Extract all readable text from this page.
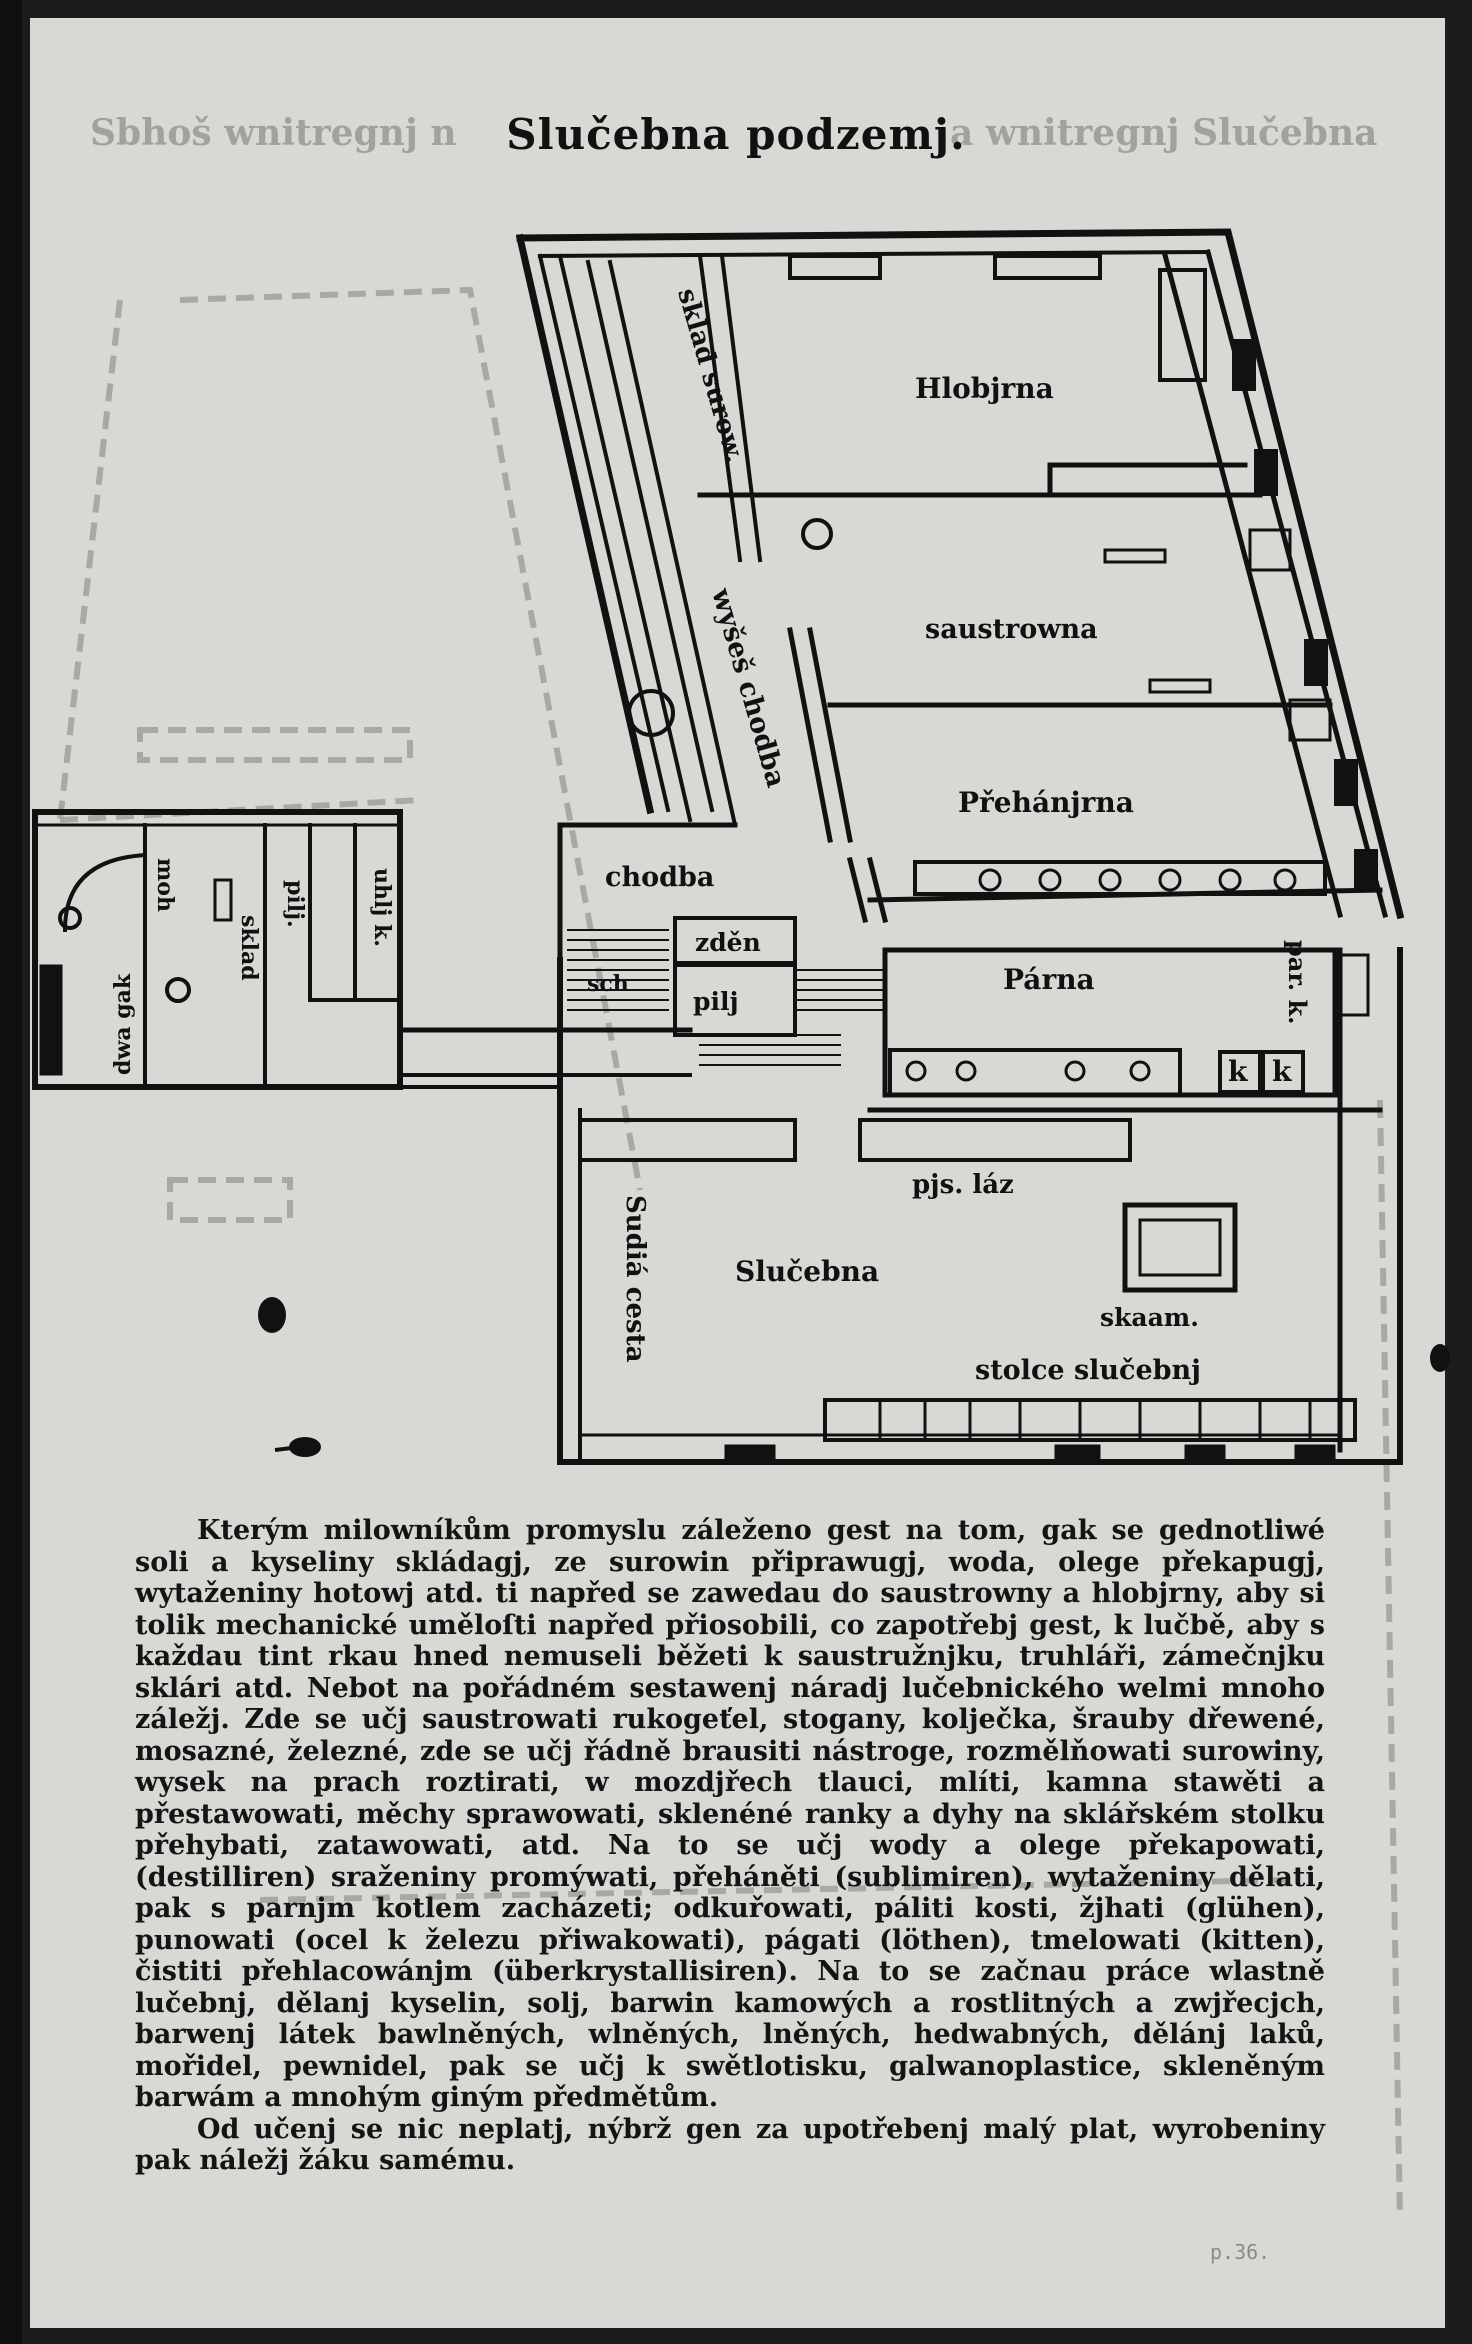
Sbhoš wnitregnj n	a wnitregnj Slučebna
Slučebna podzemj.
sklad surow.	Hlobjrna
saustrowna
wyšeš chodba
Přehánjrna
chodba
zděn
sch
pilj
Párna	par. k.
k k
pjs. láz
Slučebna
Sudiá cesta	skaam.
stolce slučebnj
dwa gak
moh
sklad
pilj.	uhlj k.

Kterým milowníkům promyslu záleženo gest na tom, gak se gednotliwé soli a kyseliny skládagj, ze surowin připrawugj, woda, olege překapugj, wytaženiny hotowj atd. ti napřed se zawedau do saustrowny a hlobjrny, aby si tolik mechanické uměloſti napřed přiosobili, co zapotřebj gest, k lučbě, aby s každau tint rkau hned nemuseli běžeti k saustružnjku, truhláři, zámečnjku sklári atd. Nebot na pořádném sestawenj náradj lučebnického welmi mnoho záležj. Zde se učj saustrowati rukogeťel, stogany, kolječka, šrauby dřewené, mosazné, železné, zde se učj řádně brausiti nástroge, rozmělňowati surowiny, wysek na prach roztirati, w mozdjřech tlauci, mlíti, kamna stawěti a přestawowati, měchy sprawowati, sklenéné ranky a dyhy na sklářském stolku přehybati, zatawowati, atd. Na to se učj wody a olege překapowati, (destilliren) sraženiny promýwati, přeháněti (sublimiren), wytaženiny dělati, pak s parnjm kotlem zacházeti; odkuřowati, páliti kosti, žjhati (glühen), punowati (ocel k železu přiwakowati), págati (löthen), tmelowati (kitten), čistiti přehlacowánjm (überkrystallisiren). Na to se začnau práce wlastně lučebnj, dělanj kyselin, solj, barwin kamowých a rostlitných a zwjřecjch, barwenj látek bawlněných, wlněných, lněných, hedwabných, dělánj laků, mořidel, pewnidel, pak se učj k swětlotisku, galwanoplastice, skleněným barwám a mnohým giným předmětům.

Od učenj se nic neplatj, nýbrž gen za upotřebenj malý plat, wyrobeniny pak náležj žáku samému.

p.36.
